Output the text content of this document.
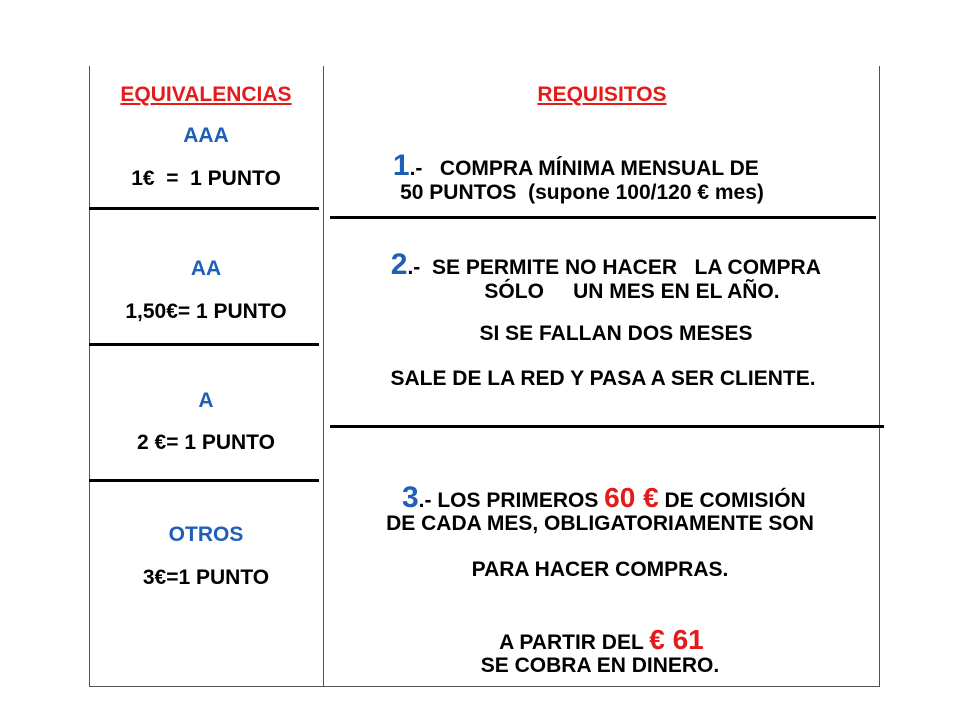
EQUIVALENCIAS
AAA
1€  =  1 PUNTO
AA
1,50€= 1 PUNTO
A
2 €= 1 PUNTO
OTROS
3€=1 PUNTO
REQUISITOS

1.-   COMPRA MÍNIMA MENSUAL DE

50 PUNTOS  (supone 100/120 € mes)

2.-  SE PERMITE NO HACER   LA COMPRA

SÓLO     UN MES EN EL AÑO.
SI SE FALLAN DOS MESES
SALE DE LA RED Y PASA A SER CLIENTE.

3.- LOS PRIMEROS 60 € DE COMISIÓN

DE CADA MES, OBLIGATORIAMENTE SON
PARA HACER COMPRAS.

A PARTIR DEL € 61

SE COBRA EN DINERO.
